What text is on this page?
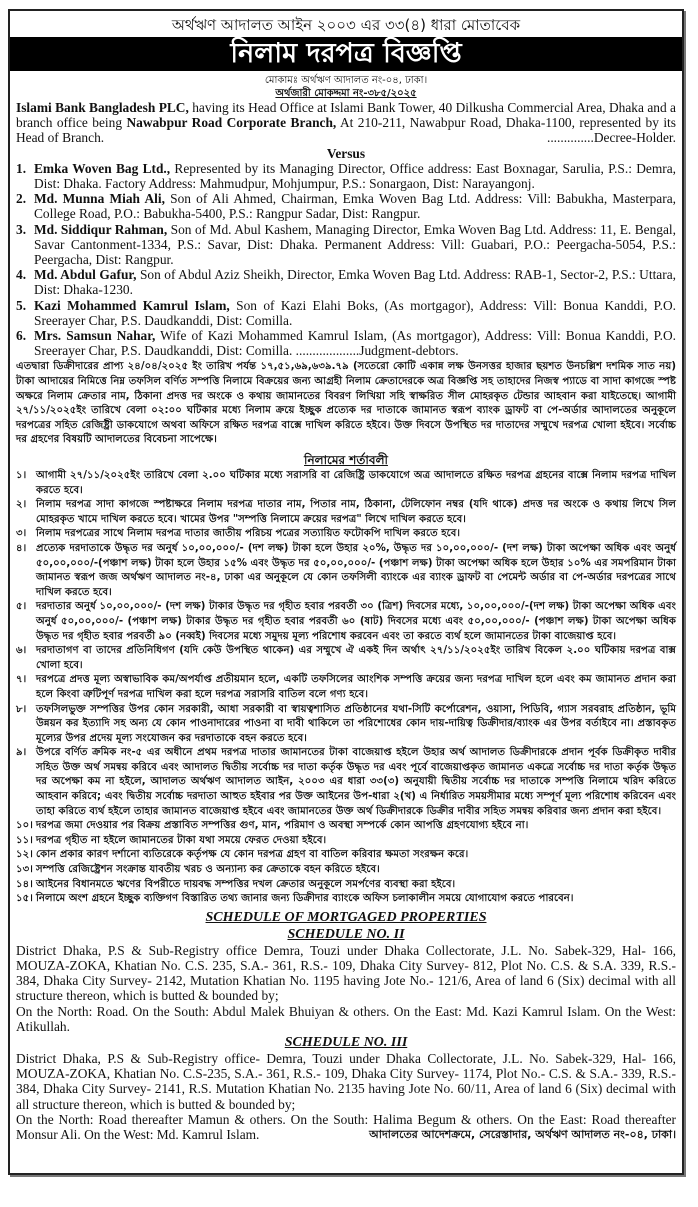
অর্থঋণ আদালত আইন ২০০৩ এর ৩৩(৪) ধারা মোতাবেক
নিলাম দরপত্র বিজ্ঞপ্তি
মোকামঃ অর্থঋণ আদালত নং-০৪, ঢাকা।
অর্থজারী মোকদ্দমা নং-৩৮৫/২০২৫

Islami Bank Bangladesh PLC, having its Head Office at Islami Bank Tower, 40 Dilkusha Commercial Area, Dhaka and a branch office being Nawabpur Road Corporate Branch, At 210-211, Nawabpur Road, Dhaka-1100, represented by its Head of Branch.	..............Decree-Holder.

Versus
1. Emka Woven Bag Ltd., Represented by its Managing Director, Office address: East Boxnagar, Sarulia, P.S.: Demra, Dist: Dhaka. Factory Address: Mahmudpur, Mohjumpur, P.S.: Sonargaon, Dist: Narayangonj.

2. Md. Munna Miah Ali, Son of Ali Ahmed, Chairman, Emka Woven Bag Ltd. Address: Vill: Babukha, Masterpara, College Road, P.O.: Babukha-5400, P.S.: Rangpur Sadar, Dist: Rangpur.

3. Md. Siddiqur Rahman, Son of Md. Abul Kashem, Managing Director, Emka Woven Bag Ltd. Address: 11, E. Bengal, Savar Cantonment-1334, P.S.: Savar, Dist: Dhaka. Permanent Address: Vill: Guabari, P.O.: Peergacha-5054, P.S.: Peergacha, Dist: Rangpur.

4. Md. Abdul Gafur, Son of Abdul Aziz Sheikh, Director, Emka Woven Bag Ltd. Address: RAB-1, Sector-2, P.S.: Uttara, Dist: Dhaka-1230.

5. Kazi Mohammed Kamrul Islam, Son of Kazi Elahi Boks, (As mortgagor), Address: Vill: Bonua Kanddi, P.O. Sreerayer Char, P.S. Daudkanddi, Dist: Comilla.

6. Mrs. Samsun Nahar, Wife of Kazi Mohammed Kamrul Islam, (As mortgagor), Address: Vill: Bonua Kanddi, P.O. Sreerayer Char, P.S. Daudkanddi, Dist: Comilla. ...................Judgment-debtors.

এতদ্বারা ডিক্রীদারের প্রাপ্য ২৪/০৪/২০২৫ ইং তারিখ পর্যন্ত ১৭,৫১,৬৯,৬৩৯.৭৯ (সতেরো কোটি একান্ন লক্ষ উনসত্তর হাজার ছয়শত উনচল্লিশ দশমিক সাত নয়) টাকা আদায়ের নিমিত্তে নিম্ন তফসিল বর্ণিত সম্পত্তি নিলামে বিক্রয়ের জন্য আগ্রহী নিলাম ক্রেতাদেরকে অত্র বিজ্ঞপ্তি সহ তাহাদের নিজস্ব প্যাডে বা সাদা কাগজে স্পষ্ট অক্ষরে নিলাম ক্রেতার নাম, ঠিকানা প্রদত্ত দর অংকে ও কথায় জামানতের বিবরণ লিখিয়া সহি স্বাক্ষরিত সীল মোহরকৃত টেন্ডার আহবান করা যাইতেছে। আগামী ২৭/১১/২০২৫ইং তারিখে বেলা ০২:০০ ঘটিকার মধ্যে নিলাম ক্রয়ে ইচ্ছুক প্রত্যেক দর দাতাকে জামানত স্বরূপ ব্যাংক ড্রাফট বা পে-অর্ডার আদালতের অনুকূলে দরপত্রের সহিত রেজিষ্ট্রী ডাকযোগে অথবা অফিসে রক্ষিত দরপত্র বাক্সে দাখিল করিতে হইবে। উক্ত দিবসে উপস্থিত দর দাতাদের সম্মুখে দরপত্র খোলা হইবে। সর্বোচ্চ দর গ্রহণের বিষয়টি আদালতের বিবেচনা সাপেক্ষে।

নিলামের শর্তাবলী
১। আগামী ২৭/১১/২০২৫ইং তারিখে বেলা ২.০০ ঘটিকার মধ্যে সরাসরি বা রেজিষ্ট্রি ডাকযোগে অত্র আদালতে রক্ষিত দরপত্র গ্রহনের বাক্সে নিলাম দরপত্র দাখিল করতে হবে।

২। নিলাম দরপত্র সাদা কাগজে স্পষ্টাক্ষরে নিলাম দরপত্র দাতার নাম, পিতার নাম, ঠিকানা, টেলিফোন নম্বর (যদি থাকে) প্রদত্ত দর অংকে ও কথায় লিখে সিল মোহরকৃত খামে দাখিল করতে হবে। খামের উপর "সম্পত্তি নিলামে ক্রয়ের দরপত্র" লিখে দাখিল করতে হবে।

৩। নিলাম দরপত্রের সাথে নিলাম দরপত্র দাতার জাতীয় পরিচয় পত্রের সত্যায়িত ফটোকপি দাখিল করতে হবে।

৪। প্রত্যেক দরদাতাকে উদ্ধৃত দর অনুর্ধ ১০,০০,০০০/- (দশ লক্ষ) টাকা হলে উহার ২০%, উদ্ধৃত দর ১০,০০,০০০/- (দশ লক্ষ) টাকা অপেক্ষা অধিক এবং অনুর্ধ ৫০,০০,০০০/-(পঞ্চাশ লক্ষ) টাকা হলে উহার ১৫% এবং উদ্ধৃত দর ৫০,০০,০০০/- (পঞ্চাশ লক্ষ) টাকা অপেক্ষা অধিক হলে উহার ১০% এর সমপরিমান টাকা জামানত স্বরূপ জজ অর্থঋণ আদালত নং-৪, ঢাকা এর অনুকূলে যে কোন তফসিলী ব্যাংকে এর ব্যাংক ড্রাফট বা পেমেন্ট অর্ডার বা পে-অর্ডার দরপত্রের সাথে দাখিল করতে হবে।

৫। দরদাতার অনুর্ধ ১০,০০,০০০/- (দশ লক্ষ) টাকার উদ্ধৃত দর গৃহীত হবার পরবর্তী ৩০ (ত্রিশ) দিবসের মধ্যে, ১০,০০,০০০/-(দশ লক্ষ) টাকা অপেক্ষা অধিক এবং অনুর্ধ ৫০,০০,০০০/- (পঞ্চাশ লক্ষ) টাকার উদ্ধৃত দর গৃহীত হবার পরবর্তী ৬০ (ষাট) দিবসের মধ্যে এবং ৫০,০০,০০০/- (পঞ্চাশ লক্ষ) টাকা অপেক্ষা অধিক উদ্ধৃত দর গৃহীত হবার পরবর্তী ৯০ (নব্বই) দিবসের মধ্যে সমুদয় মূল্য পরিশোধ করবেন এবং তা করতে ব্যর্থ হলে জামানতের টাকা বাজেয়াপ্ত হবে।

৬। দরদাতাগণ বা তাদের প্রতিনিধিগণ (যদি কেউ উপস্থিত থাকেন) এর সম্মুখে ঐ একই দিন অর্থাৎ ২৭/১১/২০২৫ইং তারিখ বিকেল ২.০০ ঘটিকায় দরপত্র বাক্স খোলা হবে।

৭। দরপত্রে প্রদত্ত মূল্য অস্বাভাবিক কম/অপর্যাপ্ত প্রতীয়মান হলে, একটি তফসিলের আংশিক সম্পত্তি ক্রয়ের জন্য দরপত্র দাখিল হলে এবং কম জামানত প্রদান করা হলে কিংবা ত্রুটিপূর্ণ দরপত্র দাখিল করা হলে দরপত্র সরাসরি বাতিল বলে গণ্য হবে।

৮। তফসিলভুক্ত সম্পত্তির উপর কোন সরকারী, আধা সরকারী বা স্বায়ত্বশাসিত প্রতিষ্ঠানের যথা-সিটি কর্পোরেশন, ওয়াসা, পিডিবি, গ্যাস সরবরাহ প্রতিষ্ঠান, ভূমি উন্নয়ন কর ইত্যাদি সহ অন্য যে কোন পাওনাদারের পাওনা বা দাবী থাকিলে তা পরিশোধের কোন দায়-দায়িত্ব ডিক্রীদার/ব্যাংক এর উপর বর্তাইবে না। প্রস্তাবকৃত মূল্যের উপর প্রদেয় মূল্য সংযোজন কর দরদাতাকে বহন করতে হবে।

৯। উপরে বর্ণিত ক্রমিক নং-৫ এর অধীনে প্রথম দরপত্র দাতার জামানতের টাকা বাজেয়াপ্ত হইলে উহার অর্থ আদালত ডিক্রীদারকে প্রদান পূর্বক ডিক্রীকৃত দাবীর সহিত উক্ত অর্থ সমন্বয় করিবে এবং আদালত দ্বিতীয় সর্বোচ্চ দর দাতা কর্তৃক উদ্ধৃত দর এবং পূর্বে বাজেয়াপ্তকৃত জামানত একত্রে সর্বোচ্চ দর দাতা কর্তৃক উদ্ধৃত দর অপেক্ষা কম না হইলে, আদালত অর্থঋণ আদালত আইন, ২০০৩ এর ধারা ৩৩(৩) অনুযায়ী দ্বিতীয় সর্বোচ্চ দর দাতাকে সম্পত্তি নিলামে খরিদ করিতে আহবান করিবে; এবং দ্বিতীয় সর্বোচ্চ দরদাতা আহুত হইবার পর উক্ত আইনের উপ-ধারা ২(খ) এ নির্ধারিত সময়সীমার মধ্যে সম্পূর্ণ মূল্য পরিশোধ করিবেন এবং তাহা করিতে ব্যর্থ হইলে তাহার জামানত বাজেয়াপ্ত হইবে এবং জামানতের উক্ত অর্থ ডিক্রীদারকে ডিক্রীর দাবীর সহিত সমন্বয় করিবার জন্য প্রদান করা হইবে।

১০। দরপত্র জমা দেওয়ার পর বিক্রয় প্রস্তাবিত সম্পত্তির গুণ, মান, পরিমাণ ও অবস্থা সম্পর্কে কোন আপত্তি গ্রহণযোগ্য হইবে না।

১১। দরপত্র গৃহীত না হইলে জামানতের টাকা যথা সময়ে ফেরত দেওয়া হইবে।

১২। কোন প্রকার কারণ দর্শানো ব্যতিরেকে কর্তৃপক্ষ যে কোন দরপত্র গ্রহণ বা বাতিল করিবার ক্ষমতা সংরক্ষন করে।

১৩। সম্পত্তি রেজিষ্ট্রেশন সংক্রান্ত যাবতীয় খরচ ও অন্যান্য কর ক্রেতাকে বহন করিতে হইবে।

১৪। আইনের বিধানমতে ঋণের বিপরীতে দায়বদ্ধ সম্পত্তির দখল ক্রেতার অনুকূলে সমর্পণের ব্যবস্থা করা হইবে।

১৫। নিলামে অংশ গ্রহনে ইচ্ছুক ব্যক্তিগণ বিস্তারিত তথ্য জানার জন্য ডিক্রীদার ব্যাংকে অফিস চলাকালীন সময়ে যোগাযোগ করতে পারবেন।

SCHEDULE OF MORTGAGED PROPERTIES
SCHEDULE NO. II

District Dhaka, P.S & Sub-Registry office Demra, Touzi under Dhaka Collectorate, J.L. No. Sabek-329, Hal- 166, MOUZA-ZOKA, Khatian No. C.S. 235, S.A.- 361, R.S.- 109, Dhaka City Survey- 812, Plot No. C.S. & S.A. 339, R.S.- 384, Dhaka City Survey- 2142, Mutation Khatian No. 1195 having Jote No.- 121/6, Area of land 6 (Six) decimal with all structure thereon, which is butted & bounded by;

On the North: Road. On the South: Abdul Malek Bhuiyan & others. On the East: Md. Kazi Kamrul Islam. On the West: Atikullah.

SCHEDULE NO. III

District Dhaka, P.S & Sub-Registry office- Demra, Touzi under Dhaka Collectorate, J.L. No. Sabek-329, Hal- 166, MOUZA-ZOKA, Khatian No. C.S-235, S.A.- 361, R.S.- 109, Dhaka City Survey- 1174, Plot No.- C.S. & S.A.- 339, R.S.- 384, Dhaka City Survey- 2141, R.S. Mutation Khatian No. 2135 having Jote No. 60/11, Area of land 6 (Six) decimal with all structure thereon, which is butted & bounded by;

On the North: Road thereafter Mamun & others. On the South: Halima Begum & others. On the East: Road thereafter Monsur Ali. On the West: Md. Kamrul Islam.	আদালতের আদেশক্রমে, সেরেস্তাদার, অর্থঋণ আদালত নং-০৪, ঢাকা।
